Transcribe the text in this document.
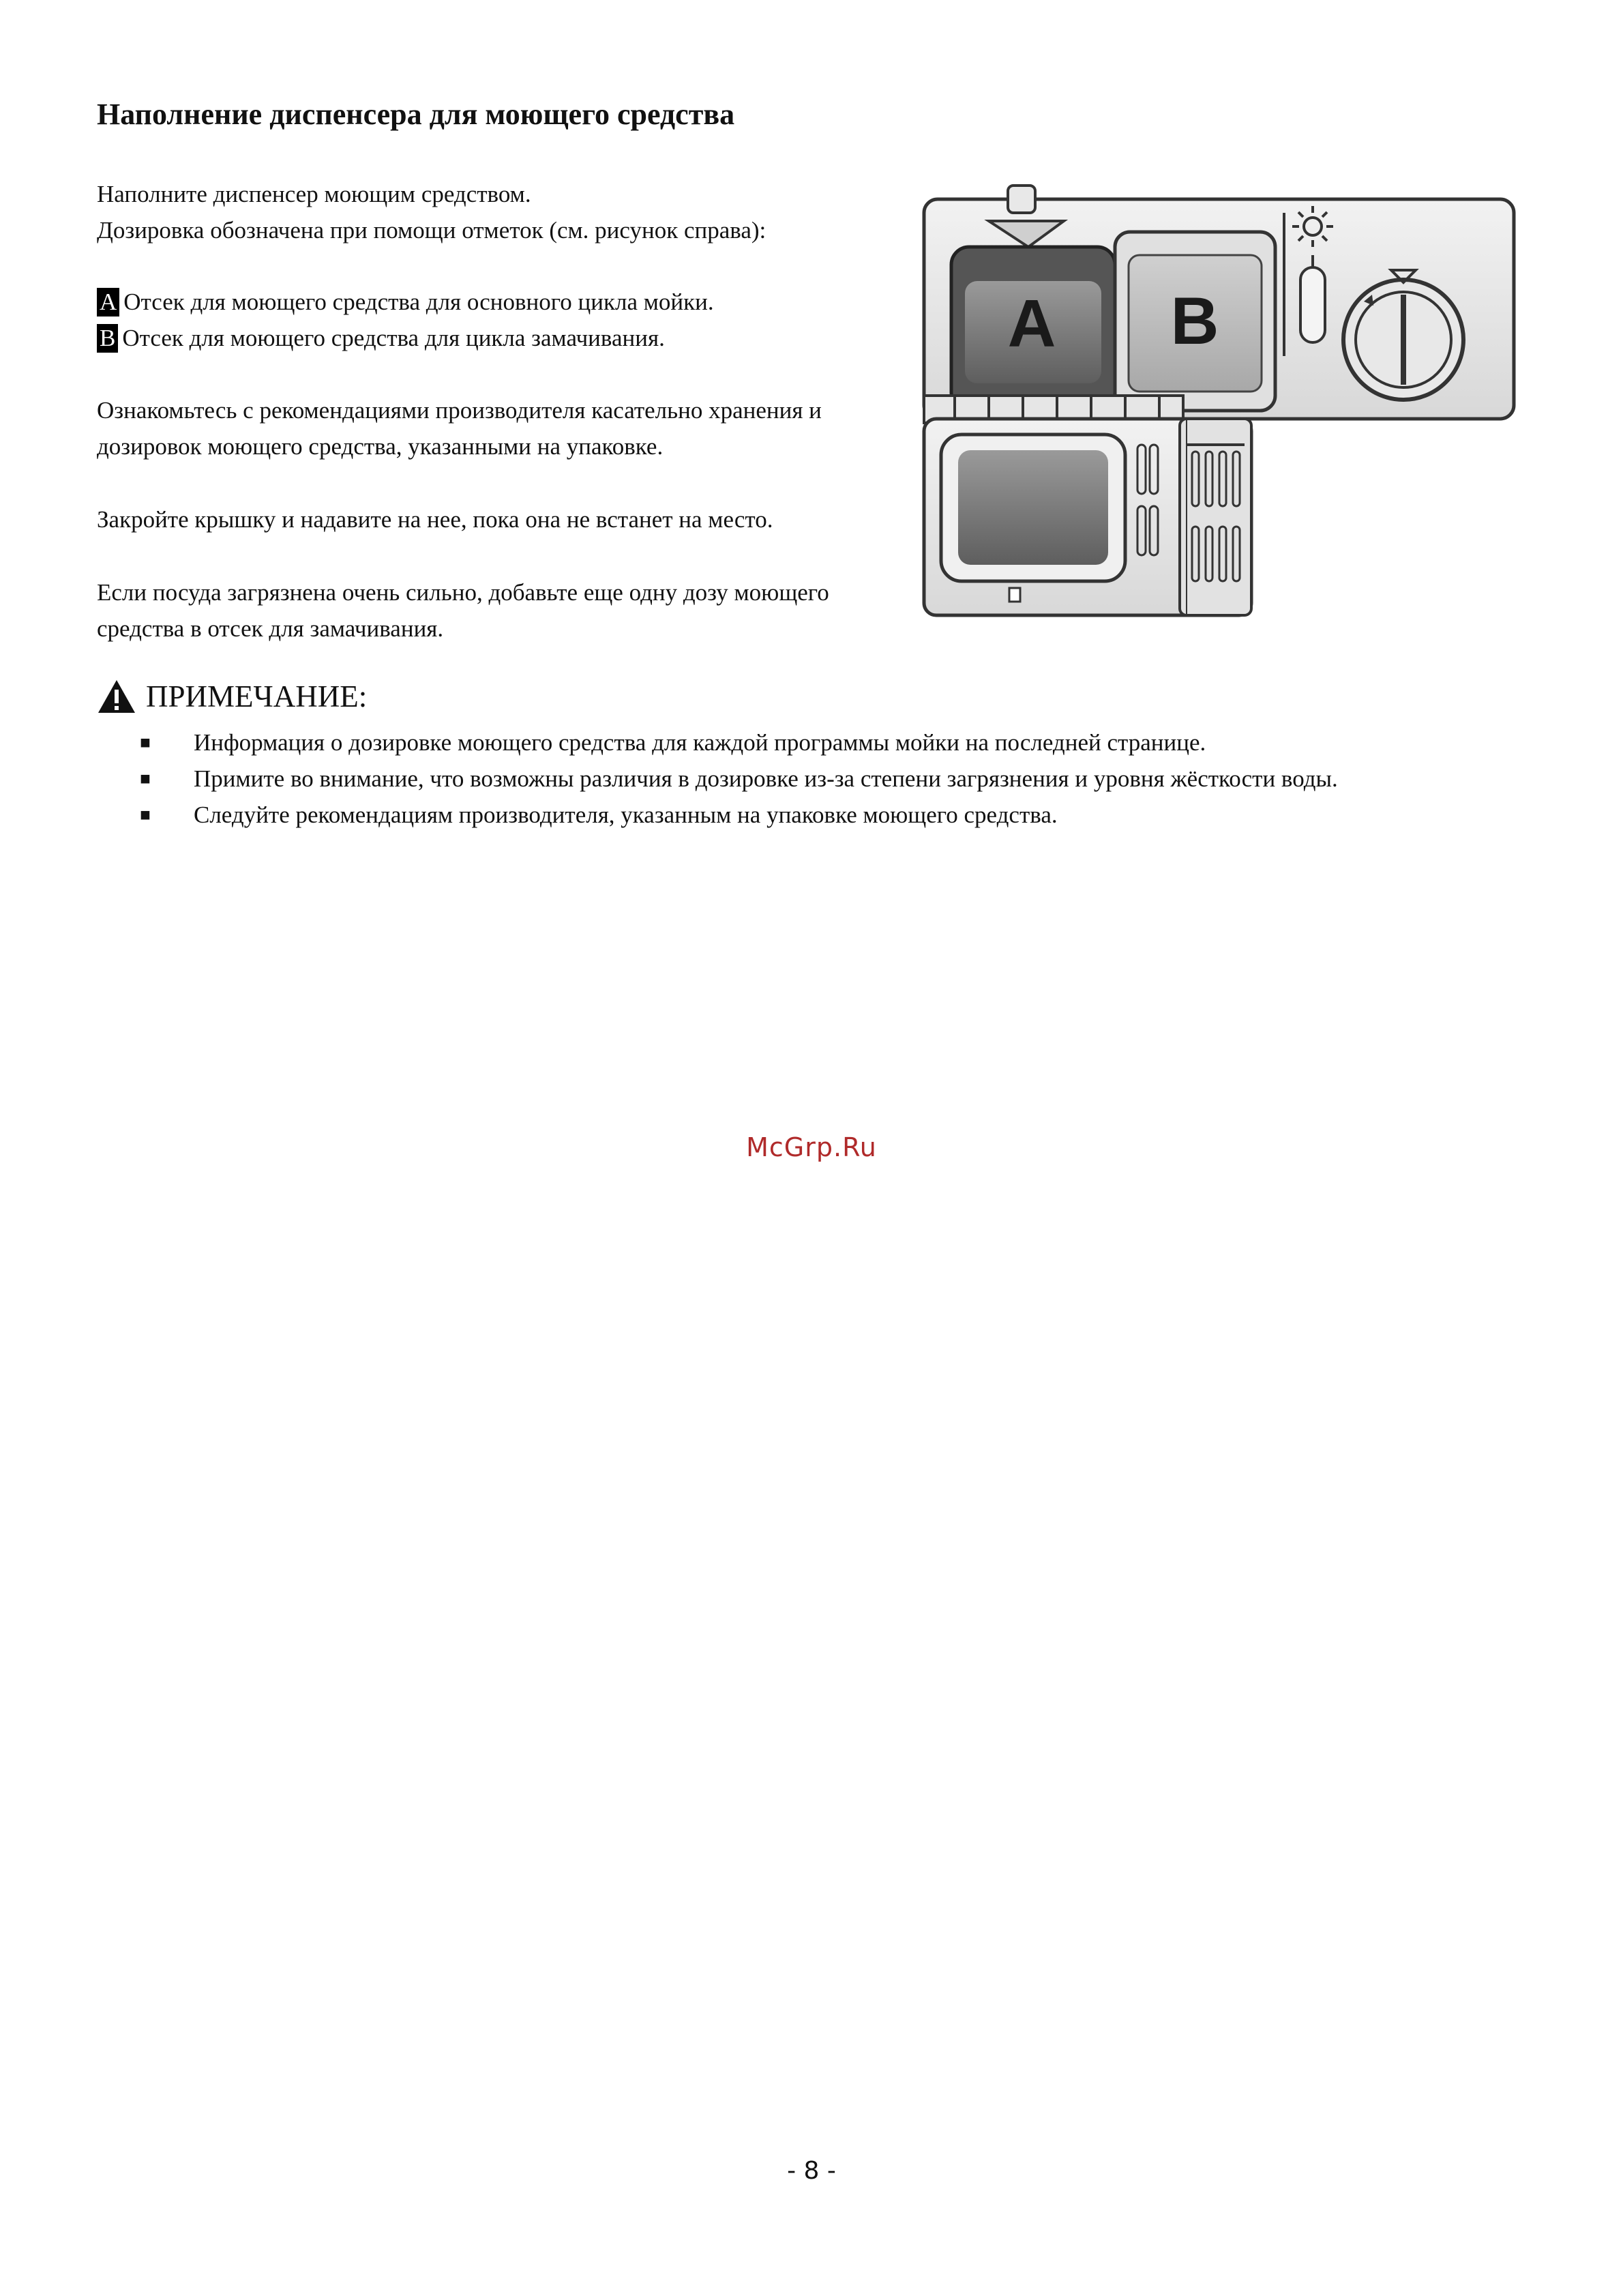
Наполнение диспенсера для моющего средства

Наполните диспенсер моющим средством.
Дозировка обозначена при помощи отметок (см. рисунок справа):

A Отсек для моющего средства для основного цикла мойки.
B Отсек для моющего средства для цикла замачивания.

Ознакомьтесь с рекомендациями производителя касательно хранения и дозировок моющего средства, указанными на упаковке.

Закройте крышку и надавите на нее, пока она не встанет на место.

Если посуда загрязнена очень сильно, добавьте еще одну дозу моющего средства в отсек для замачивания.

A B
ПРИМЕЧАНИЕ:
■	Информация о дозировке моющего средства для каждой программы мойки на последней странице.
■	Примите во внимание, что возможны различия в дозировке из-за степени загрязнения и уровня жёсткости воды.
■	Следуйте рекомендациям производителя, указанным на упаковке моющего средства.
McGrp.Ru
- 8 -
